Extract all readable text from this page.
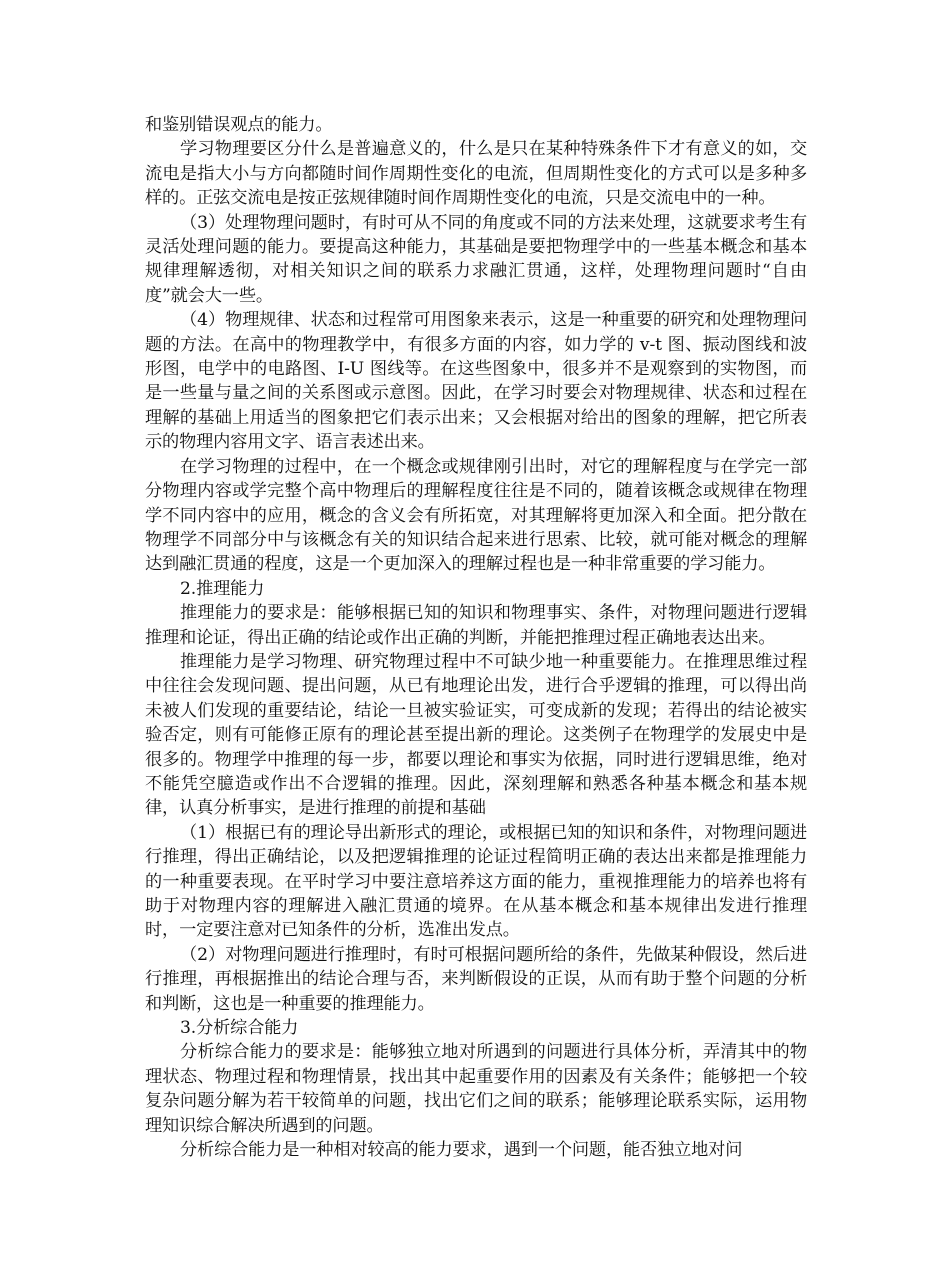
和鉴别错误观点的能力。

学习物理要区分什么是普遍意义的，什么是只在某种特殊条件下才有意义的如，交流电是指大小与方向都随时间作周期性变化的电流，但周期性变化的方式可以是多种多样的。正弦交流电是按正弦规律随时间作周期性变化的电流，只是交流电中的一种。

（3）处理物理问题时，有时可从不同的角度或不同的方法来处理，这就要求考生有灵活处理问题的能力。要提高这种能力，其基础是要把物理学中的一些基本概念和基本规律理解透彻，对相关知识之间的联系力求融汇贯通，这样，处理物理问题时“自由度”就会大一些。

（4）物理规律、状态和过程常可用图象来表示，这是一种重要的研究和处理物理问题的方法。在高中的物理教学中，有很多方面的内容，如力学的 v-t 图、振动图线和波形图，电学中的电路图、I-U 图线等。在这些图象中，很多并不是观察到的实物图，而是一些量与量之间的关系图或示意图。因此，在学习时要会对物理规律、状态和过程在理解的基础上用适当的图象把它们表示出来；又会根据对给出的图象的理解，把它所表示的物理内容用文字、语言表述出来。

在学习物理的过程中，在一个概念或规律刚引出时，对它的理解程度与在学完一部分物理内容或学完整个高中物理后的理解程度往往是不同的，随着该概念或规律在物理学不同内容中的应用，概念的含义会有所拓宽，对其理解将更加深入和全面。把分散在物理学不同部分中与该概念有关的知识结合起来进行思索、比较，就可能对概念的理解达到融汇贯通的程度，这是一个更加深入的理解过程也是一种非常重要的学习能力。

2.推理能力

推理能力的要求是：能够根据已知的知识和物理事实、条件，对物理问题进行逻辑推理和论证，得出正确的结论或作出正确的判断，并能把推理过程正确地表达出来。

推理能力是学习物理、研究物理过程中不可缺少地一种重要能力。在推理思维过程中往往会发现问题、提出问题，从已有地理论出发，进行合乎逻辑的推理，可以得出尚未被人们发现的重要结论，结论一旦被实验证实，可变成新的发现；若得出的结论被实验否定，则有可能修正原有的理论甚至提出新的理论。这类例子在物理学的发展史中是很多的。物理学中推理的每一步，都要以理论和事实为依据，同时进行逻辑思维，绝对不能凭空臆造或作出不合逻辑的推理。因此，深刻理解和熟悉各种基本概念和基本规律，认真分析事实，是进行推理的前提和基础

（1）根据已有的理论导出新形式的理论，或根据已知的知识和条件，对物理问题进行推理，得出正确结论，以及把逻辑推理的论证过程简明正确的表达出来都是推理能力的一种重要表现。在平时学习中要注意培养这方面的能力，重视推理能力的培养也将有助于对物理内容的理解进入融汇贯通的境界。在从基本概念和基本规律出发进行推理时，一定要注意对已知条件的分析，选准出发点。

（2）对物理问题进行推理时，有时可根据问题所给的条件，先做某种假设，然后进行推理，再根据推出的结论合理与否，来判断假设的正误，从而有助于整个问题的分析和判断，这也是一种重要的推理能力。

3.分析综合能力

分析综合能力的要求是：能够独立地对所遇到的问题进行具体分析，弄清其中的物理状态、物理过程和物理情景，找出其中起重要作用的因素及有关条件；能够把一个较复杂问题分解为若干较简单的问题，找出它们之间的联系；能够理论联系实际，运用物理知识综合解决所遇到的问题。

分析综合能力是一种相对较高的能力要求，遇到一个问题，能否独立地对问
